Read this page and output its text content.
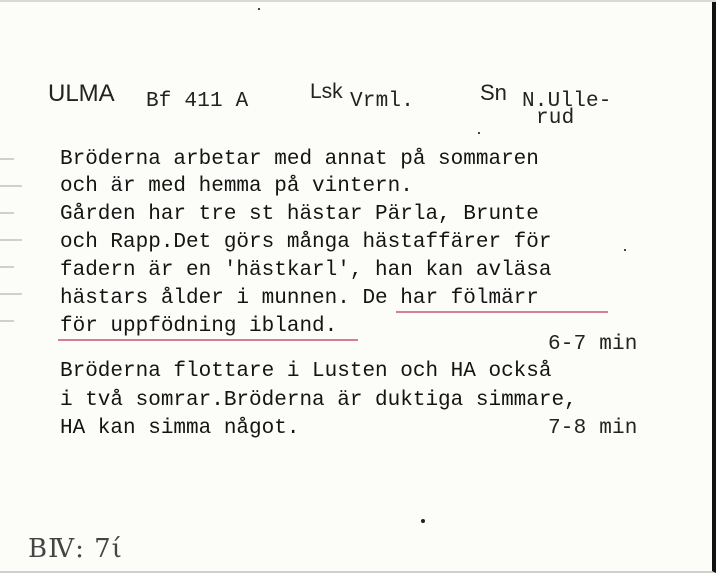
ULMA Bf 411 A	Lsk Vrml.	Sn N.Ulle-
rud
Bröderna arbetar med annat på sommaren
och är med hemma på vintern.
Gården har tre st hästar Pärla, Brunte
och Rapp.Det görs många hästaffärer för
fadern är en 'hästkarl', han kan avläsa
hästars ålder i munnen. De har fölmärr
för uppfödning ibland.
6-7 min
Bröderna flottare i Lusten och HA också
i två somrar.Bröderna är duktiga simmare,
HA kan simma något.	7-8 min
BⅣ: 7ί
